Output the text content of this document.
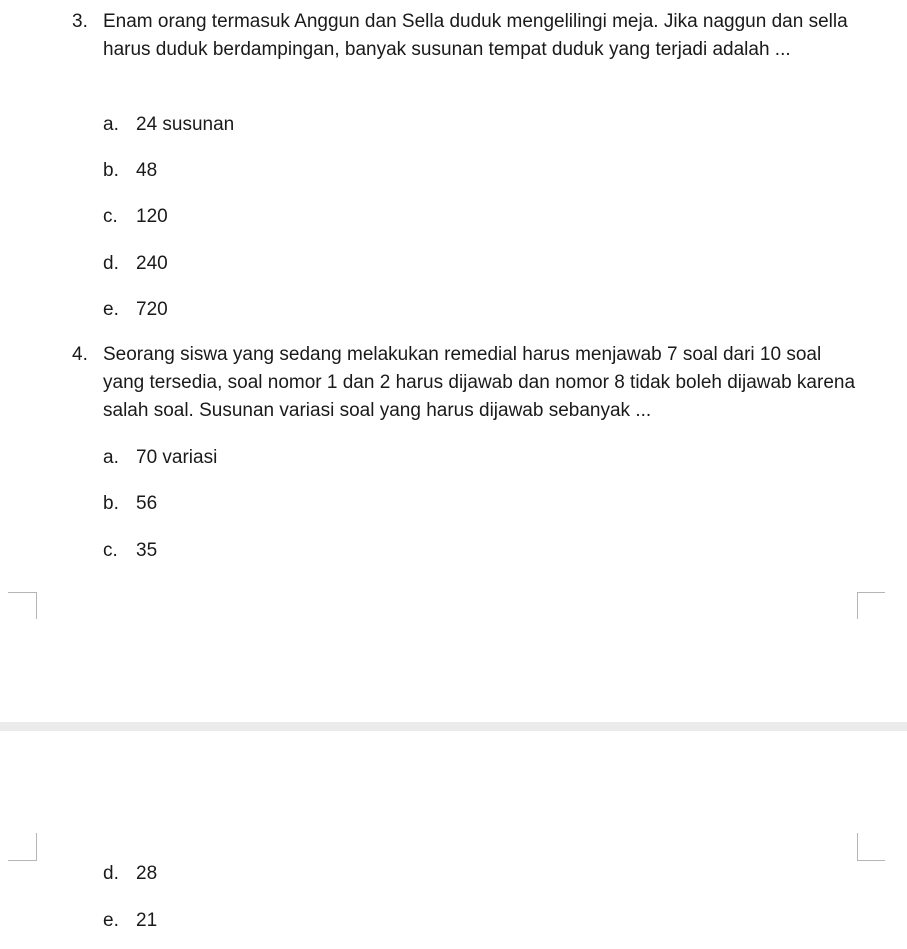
3. Enam orang termasuk Anggun dan Sella duduk mengelilingi meja. Jika naggun dan sella harus duduk berdampingan, banyak susunan tempat duduk yang terjadi adalah ...
a. 24 susunan
b. 48
c. 120
d. 240
e. 720
4. Seorang siswa yang sedang melakukan remedial harus menjawab 7 soal dari 10 soal yang tersedia, soal nomor 1 dan 2 harus dijawab dan nomor 8 tidak boleh dijawab karena salah soal. Susunan variasi soal yang harus dijawab sebanyak ...
a. 70 variasi
b. 56
c. 35
d. 28
e. 21
